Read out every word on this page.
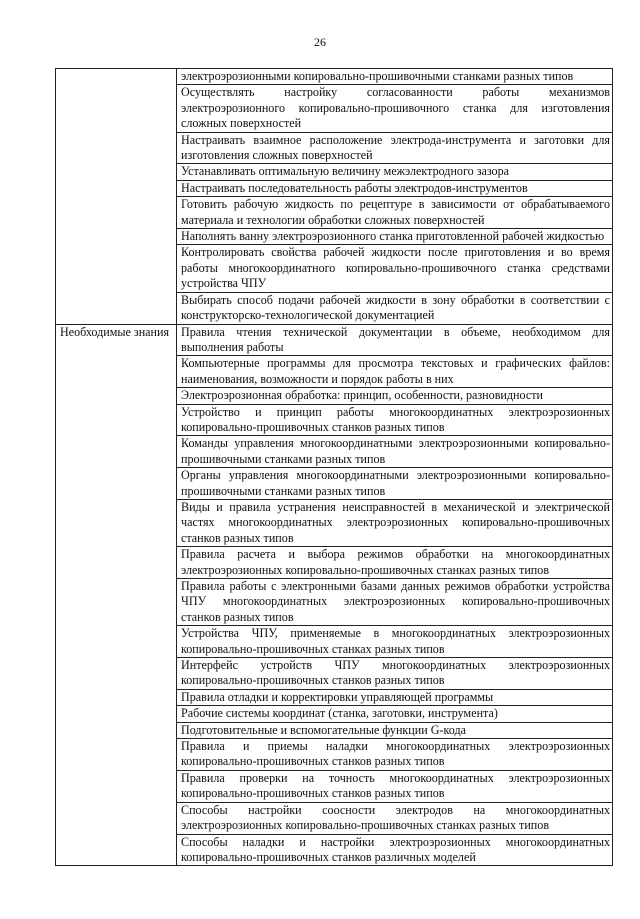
26
	электроэрозионными копировально-прошивочными станками разных типов
	Осуществлять настройку согласованности работы механизмов электроэрозионного копировально-прошивочного станка для изготовления сложных поверхностей
	Настраивать взаимное расположение электрода-инструмента и заготовки для изготовления сложных поверхностей
	Устанавливать оптимальную величину межэлектродного зазора
	Настраивать последовательность работы электродов-инструментов
	Готовить рабочую жидкость по рецептуре в зависимости от обрабатываемого материала и технологии обработки сложных поверхностей
	Наполнять ванну электроэрозионного станка приготовленной рабочей жидкостью
	Контролировать свойства рабочей жидкости после приготовления и во время работы многокоординатного копировально-прошивочного станка средствами устройства ЧПУ
	Выбирать способ подачи рабочей жидкости в зону обработки в соответствии с конструкторско-технологической документацией
Необходимые знания	Правила чтения технической документации в объеме, необходимом для выполнения работы
	Компьютерные программы для просмотра текстовых и графических файлов: наименования, возможности и порядок работы в них
	Электроэрозионная обработка: принцип, особенности, разновидности
	Устройство и принцип работы многокоординатных электроэрозионных копировально-прошивочных станков разных типов
	Команды управления многокоординатными электроэрозионными копировально-прошивочными станками разных типов
	Органы управления многокоординатными электроэрозионными копировально-прошивочными станками разных типов
	Виды и правила устранения неисправностей в механической и электрической частях многокоординатных электроэрозионных копировально-прошивочных станков разных типов
	Правила расчета и выбора режимов обработки на многокоординатных электроэрозионных копировально-прошивочных станках разных типов
	Правила работы с электронными базами данных режимов обработки устройства ЧПУ многокоординатных электроэрозионных копировально-прошивочных станков разных типов
	Устройства ЧПУ, применяемые в многокоординатных электроэрозионных копировально-прошивочных станках разных типов
	Интерфейс устройств ЧПУ многокоординатных электроэрозионных копировально-прошивочных станков разных типов
	Правила отладки и корректировки управляющей программы
	Рабочие системы координат (станка, заготовки, инструмента)
	Подготовительные и вспомогательные функции G-кода
	Правила и приемы наладки многокоординатных электроэрозионных копировально-прошивочных станков разных типов
	Правила проверки на точность многокоординатных электроэрозионных копировально-прошивочных станков разных типов
	Способы настройки соосности электродов на многокоординатных электроэрозионных копировально-прошивочных станках разных типов
	Способы наладки и настройки электроэрозионных многокоординатных копировально-прошивочных станков различных моделей
